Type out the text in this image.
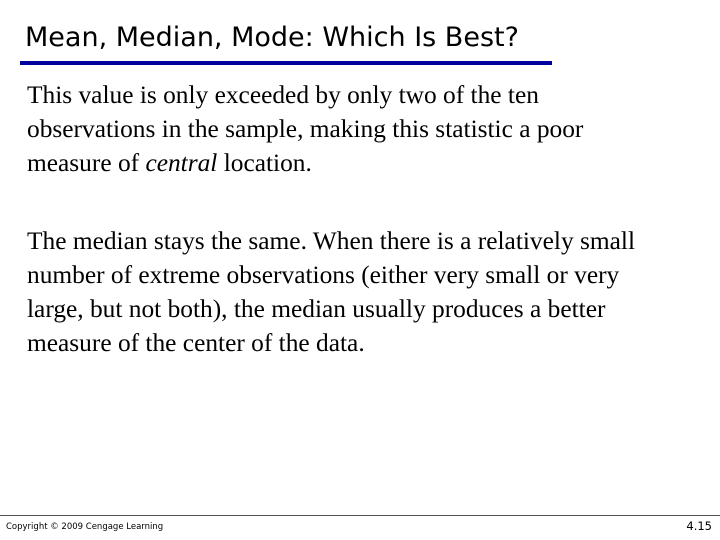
Mean, Median, Mode: Which Is Best?

This value is only exceeded by only two of the ten
observations in the sample, making this statistic a poor
measure of central location.

The median stays the same. When there is a relatively small
number of extreme observations (either very small or very
large, but not both), the median usually produces a better
measure of the center of the data.

Copyright © 2009 Cengage Learning	4.15
